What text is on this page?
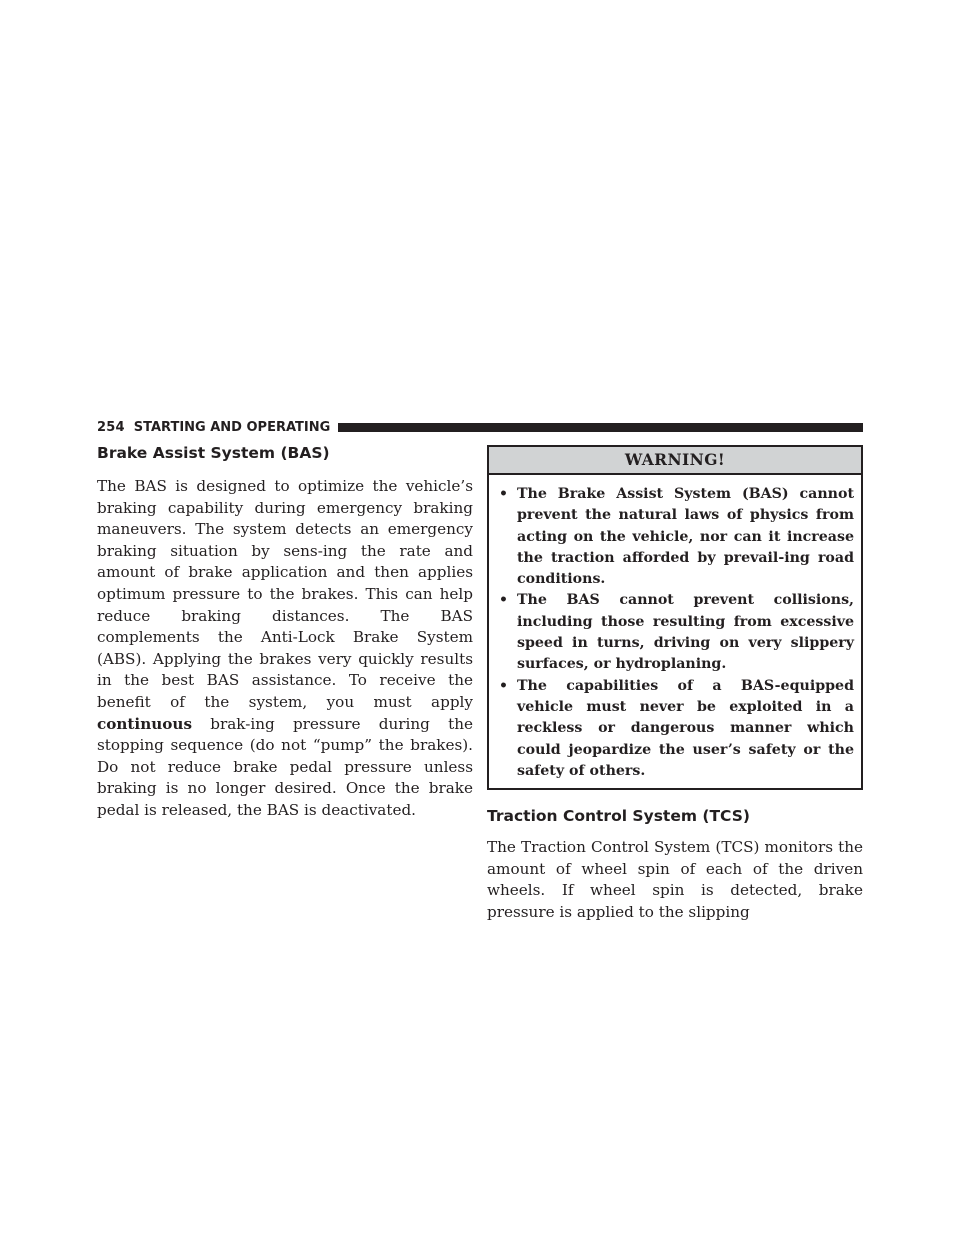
254 STARTING AND OPERATING
Brake Assist System (BAS)

The BAS is designed to optimize the vehicle’s braking capability during emergency braking maneuvers. The system detects an emergency braking situation by sens-ing the rate and amount of brake application and then applies optimum pressure to the brakes. This can help reduce braking distances. The BAS complements the Anti-Lock Brake System (ABS). Applying the brakes very quickly results in the best BAS assistance. To receive the benefit of the system, you must apply continuous brak-ing pressure during the stopping sequence (do not “pump” the brakes). Do not reduce brake pedal pressure unless braking is no longer desired. Once the brake pedal is released, the BAS is deactivated.

WARNING!
• The Brake Assist System (BAS) cannot prevent the natural laws of physics from acting on the vehicle, nor can it increase the traction afforded by prevail-ing road conditions.
• The BAS cannot prevent collisions, including those resulting from excessive speed in turns, driving on very slippery surfaces, or hydroplaning.
• The capabilities of a BAS-equipped vehicle must never be exploited in a reckless or dangerous manner which could jeopardize the user’s safety or the safety of others.
Traction Control System (TCS)

The Traction Control System (TCS) monitors the amount of wheel spin of each of the driven wheels. If wheel spin is detected, brake pressure is applied to the slipping
